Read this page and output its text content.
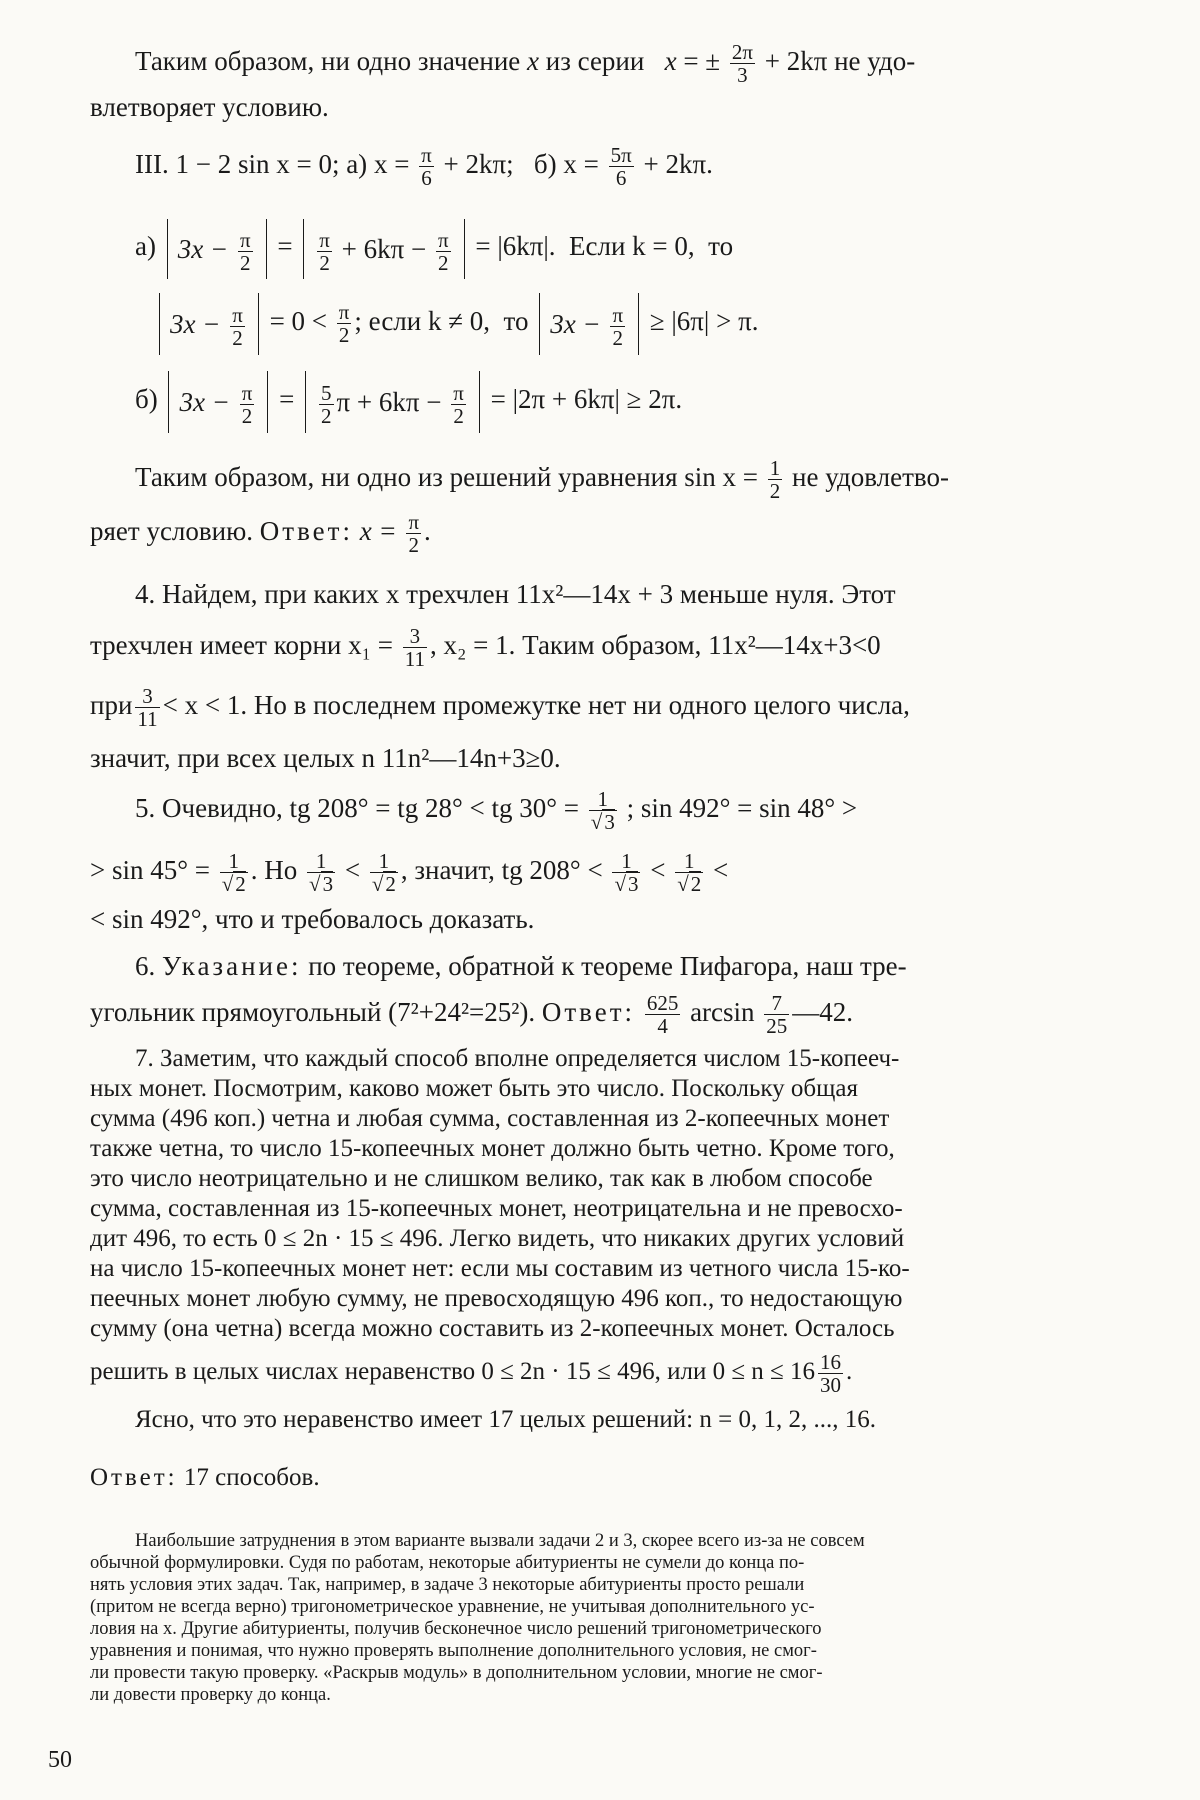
Таким образом, ни одно значение x из серии x = ± $\frac{2\pi}{3} + 2k\pi$ не удо-
влетворяет условию.
III. 1 − 2 sin x = 0; а) $x = \frac{\pi}{6} + 2k\pi$; б) $x = \frac{5\pi}{6} + 2k\pi$.
а) $3x - \frac{\pi}{2} = \frac{\pi}{2} + 6k\pi - \frac{\pi}{2} = |6k\pi|$. Если k = 0, то
$3x - \frac{\pi}{2} = 0 < \frac{\pi}{2}$ ; если k ≠ 0, то $3x - \frac{\pi}{2} \ge |6\pi| > \pi$.
б) $3x - \frac{\pi}{2} = \frac{5}{2}$ $\pi + 6k\pi - \frac{\pi}{2} = |2\pi + 6k\pi| \ge 2\pi$.
Таким образом, ни одно из решений уравнения $\sin x = \frac{1}{2}$ не удовлетво-
ряет условию. Ответ: $x = \frac{\pi}{2}$ .
4. Найдем, при каких x трехчлен 11x²—14x + 3 меньше нуля. Этот
трехчлен имеет корни $x_1 = \frac{3}{11}$ , x₂ = 1. Таким образом, 11x²—14x+3<0
при $\frac{3}{11} < x < 1$. Но в последнем промежутке нет ни одного целого числа,
значит, при всех целых n 11n²—14n+3≥0.
5. Очевидно, tg 208° = tg 28° < tg $30^\circ = \frac{1}{√3}$ ; sin 492° = sin 48° >
> $\sin 45^\circ = \frac{1}{√2}$ . Но $\frac{1}{√3} < \frac{1}{√2}$ , значит, tg $208^\circ < \frac{1}{√3} < \frac{1}{√2}$ <
< sin 492°, что и требовалось доказать.
6. Указание: по теореме, обратной к теореме Пифагора, наш тре-
угольник прямоугольный (7²+24²=25²). Ответ: $\frac{625}{4}$ $\arcsin \frac{7}{25}$ —42.
7. Заметим, что каждый способ вполне определяется числом 15-копееч-
ных монет. Посмотрим, каково может быть это число. Поскольку общая
сумма (496 коп.) четна и любая сумма, составленная из 2-копеечных монет
также четна, то число 15-копеечных монет должно быть четно. Кроме того,
это число неотрицательно и не слишком велико, так как в любом способе
сумма, составленная из 15-копеечных монет, неотрицательна и не превосхо-
дит 496, то есть 0 ≤ 2n · 15 ≤ 496. Легко видеть, что никаких других условий
на число 15-копеечных монет нет: если мы составим из четного числа 15-ко-
пеечных монет любую сумму, не превосходящую 496 коп., то недостающую
сумму (она четна) всегда можно составить из 2-копеечных монет. Осталось
решить в целых числах неравенство 0 ≤ 2n · 15 ≤ 496, или $0 \le n \le 16 \frac{16}{30}$ .
Ясно, что это неравенство имеет 17 целых решений: n = 0, 1, 2, ..., 16.
Ответ: 17 способов.
Наибольшие затруднения в этом варианте вызвали задачи 2 и 3, скорее всего из-за не совсем
обычной формулировки. Судя по работам, некоторые абитуриенты не сумели до конца по-
нять условия этих задач. Так, например, в задаче 3 некоторые абитуриенты просто решали
(притом не всегда верно) тригонометрическое уравнение, не учитывая дополнительного ус-
ловия на x. Другие абитуриенты, получив бесконечное число решений тригонометрического
уравнения и понимая, что нужно проверять выполнение дополнительного условия, не смог-
ли провести такую проверку. «Раскрыв модуль» в дополнительном условии, многие не смог-
ли довести проверку до конца.
50
